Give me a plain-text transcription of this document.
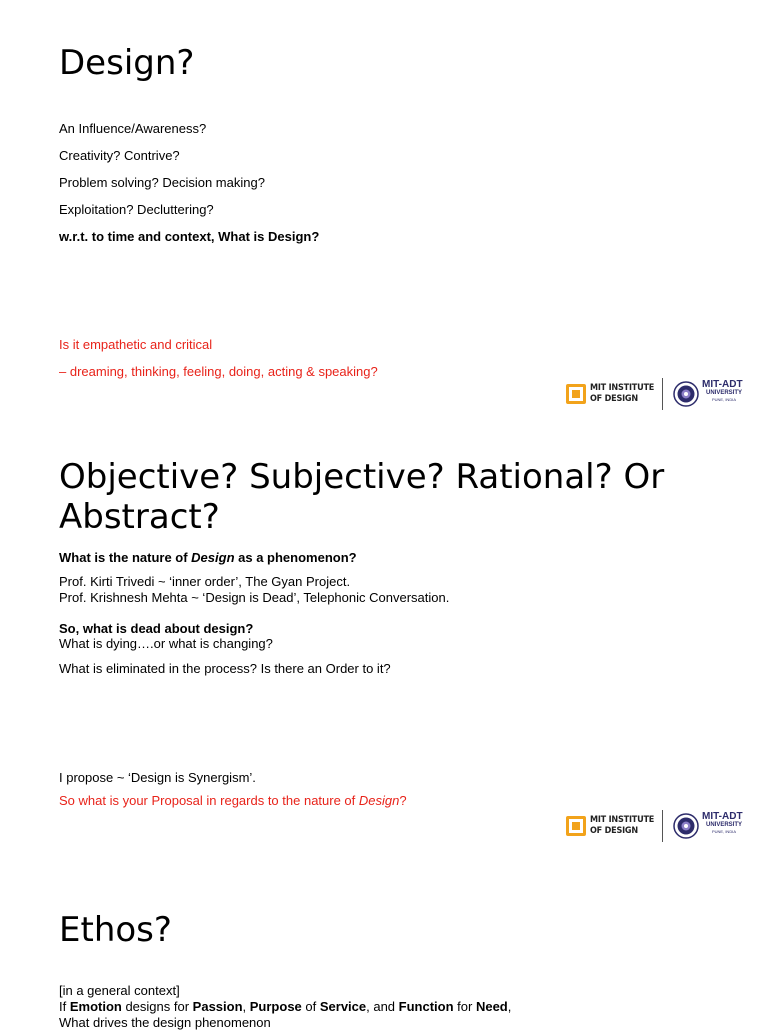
Design?
An Influence/Awareness?
Creativity? Contrive?
Problem solving? Decision making?
Exploitation? Decluttering?
w.r.t. to time and context, What is Design?
Is it empathetic and critical
– dreaming, thinking, feeling, doing, acting & speaking?
MIT INSTITUTE
OF DESIGN
MIT-ADT
UNIVERSITY
PUNE, INDIA
Objective? Subjective? Rational? Or Abstract?
What is the nature of Design as a phenomenon?
Prof. Kirti Trivedi ~ ‘inner order’, The Gyan Project.
Prof. Krishnesh Mehta ~ ‘Design is Dead’, Telephonic Conversation.
So, what is dead about design?
What is dying….or what is changing?
What is eliminated in the process? Is there an Order to it?
I propose ~ ‘Design is Synergism’.
So what is your Proposal in regards to the nature of Design?
MIT INSTITUTE
OF DESIGN
MIT-ADT
UNIVERSITY
PUNE, INDIA
Ethos?
[in a general context]
If Emotion designs for Passion, Purpose of Service, and Function for Need,
What drives the design phenomenon
